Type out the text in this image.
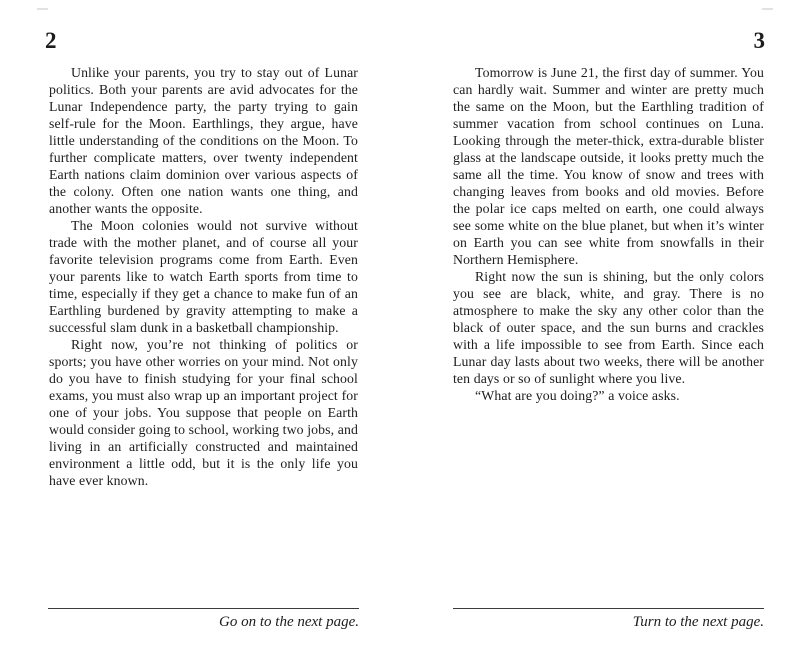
2

Unlike your parents, you try to stay out of Lunar politics. Both your parents are avid advocates for the Lunar Independence party, the party trying to gain self-rule for the Moon. Earthlings, they argue, have little understanding of the conditions on the Moon. To further complicate matters, over twenty independent Earth nations claim dominion over various aspects of the colony. Often one nation wants one thing, and another wants the opposite.

The Moon colonies would not survive without trade with the mother planet, and of course all your favorite television programs come from Earth. Even your parents like to watch Earth sports from time to time, especially if they get a chance to make fun of an Earthling burdened by gravity attempting to make a successful slam dunk in a basketball championship.

Right now, you’re not thinking of politics or sports; you have other worries on your mind. Not only do you have to finish studying for your final school exams, you must also wrap up an important project for one of your jobs. You suppose that people on Earth would consider going to school, working two jobs, and living in an artificially constructed and maintained environment a little odd, but it is the only life you have ever known.

Go on to the next page.
3

Tomorrow is June 21, the first day of summer. You can hardly wait. Summer and winter are pretty much the same on the Moon, but the Earthling tradition of summer vacation from school continues on Luna. Looking through the meter-thick, extra-durable blister glass at the landscape outside, it looks pretty much the same all the time. You know of snow and trees with changing leaves from books and old movies. Before the polar ice caps melted on earth, one could always see some white on the blue planet, but when it’s winter on Earth you can see white from snowfalls in their Northern Hemisphere.

Right now the sun is shining, but the only colors you see are black, white, and gray. There is no atmosphere to make the sky any other color than the black of outer space, and the sun burns and crackles with a life impossible to see from Earth. Since each Lunar day lasts about two weeks, there will be another ten days or so of sunlight where you live.

“What are you doing?” a voice asks.

Turn to the next page.
